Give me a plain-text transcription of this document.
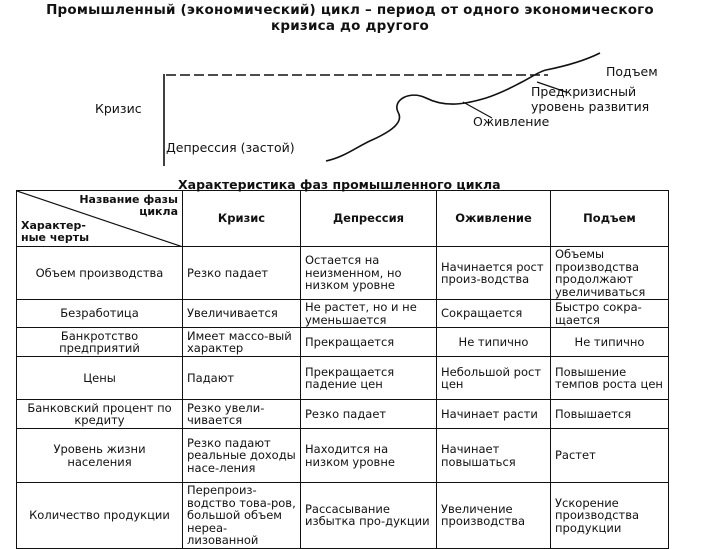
Промышленный (экономический) цикл – период от одного экономического
кризиса до другого
Кризис
Депрессия (застой)
Оживление
Предкризисный
уровень развития
Подъем
Характеристика фаз промышленного цикла
Название фазы
цикла
Характер-
ные черты	Кризис	Депрессия	Оживление	Подъем
Объем производства	Резко падает	Остается на неизменном, но низком уровне	Начинается рост произ-водства	Объемы производства продолжают увеличиваться
Безработица	Увеличивается	Не растет, но и не уменьшается	Сокращается	Быстро сокра-щается
Банкротство предприятий	Имеет массо-вый характер	Прекращается	Не типично	Не типично
Цены	Падают	Прекращается падение цен	Небольшой рост цен	Повышение темпов роста цен
Банковский процент по кредиту	Резко увели-чивается	Резко падает	Начинает расти	Повышается
Уровень жизни населения	Резко падают реальные доходы насе-ления	Находится на низком уровне	Начинает повышаться	Растет
Количество продукции	Перепроиз-водство това-ров, большой объем нереа-лизованной	Рассасывание избытка про-дукции	Увеличение производства	Ускорение производства продукции
